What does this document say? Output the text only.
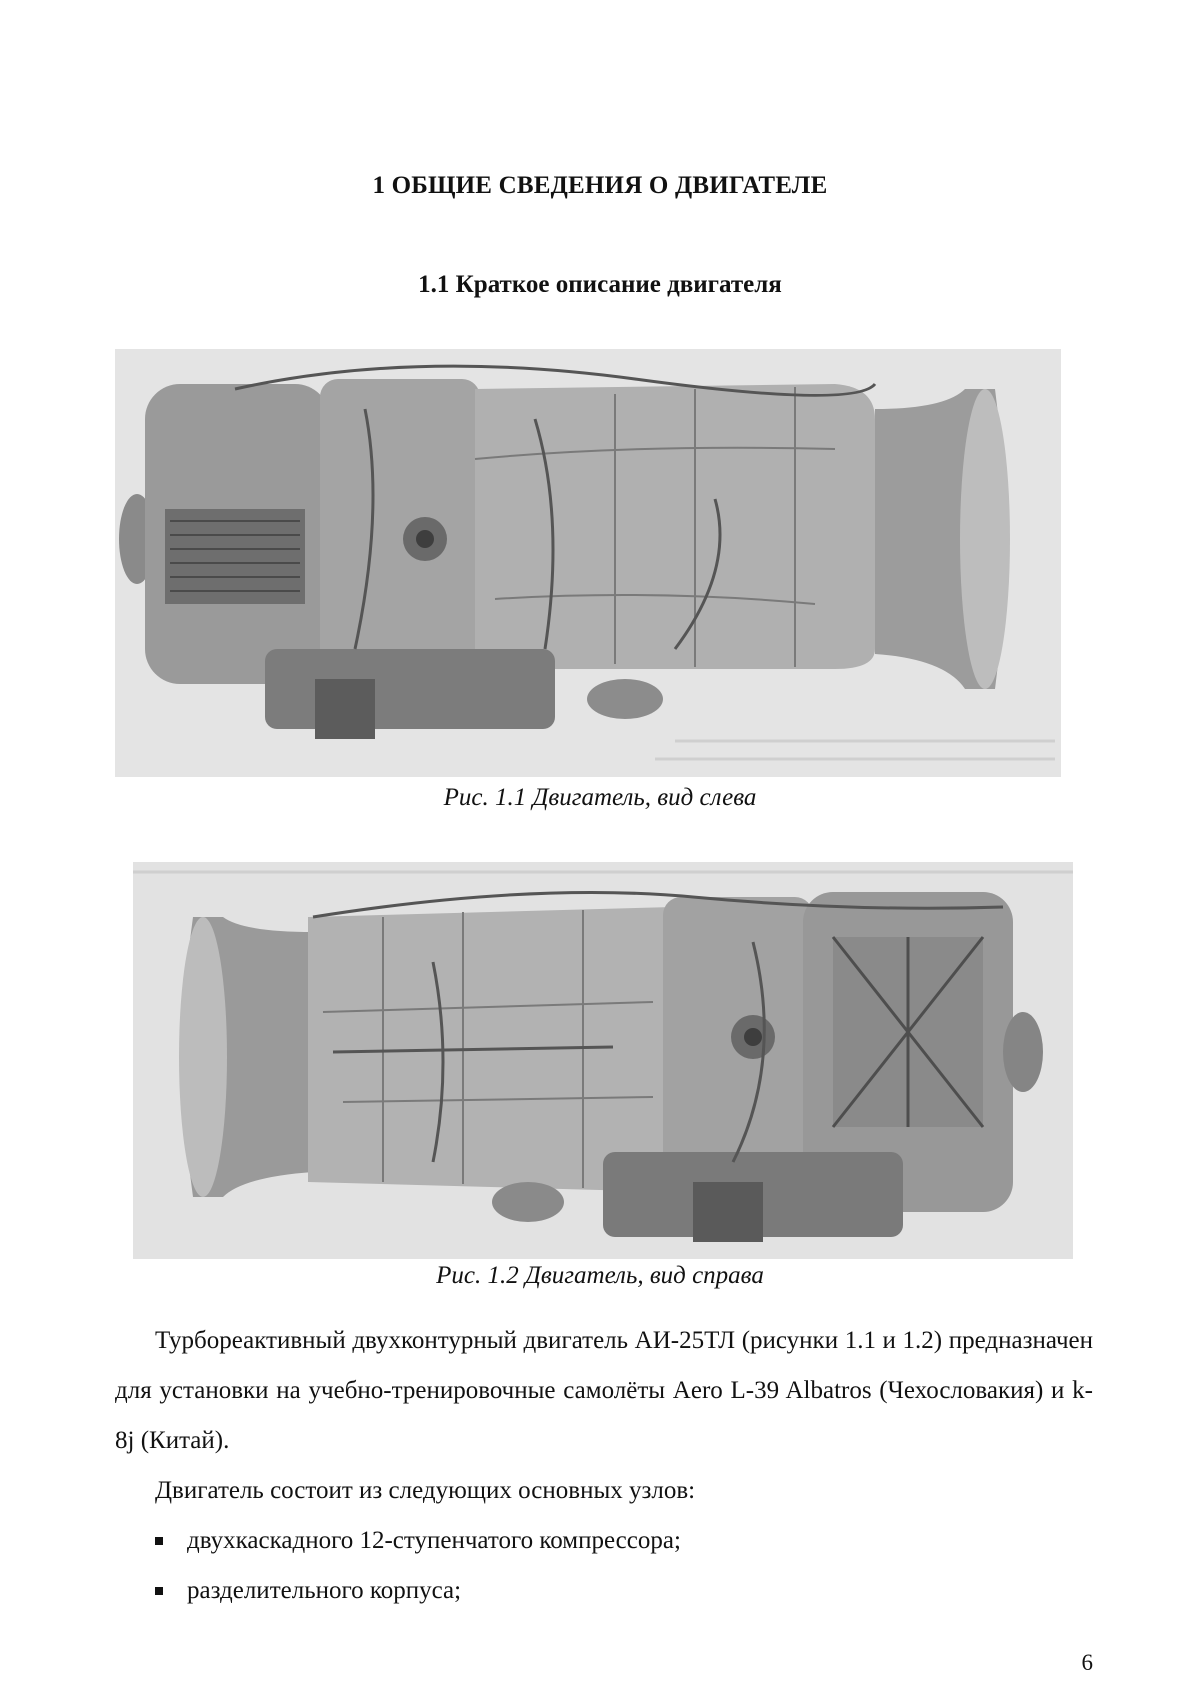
1 ОБЩИЕ СВЕДЕНИЯ О ДВИГАТЕЛЕ
1.1 Краткое описание двигателя
Рис. 1.1 Двигатель, вид слева
Рис. 1.2 Двигатель, вид справа
Турбореактивный двухконтурный двигатель АИ-25ТЛ (рисунки 1.1 и 1.2) предназначен для установки на учебно-тренировочные самолёты Aero L-39 Albatros (Чехословакия) и k-8j (Китай).
Двигатель состоит из следующих основных узлов:
двухкаскадного 12-ступенчатого компрессора;
разделительного корпуса;
6
